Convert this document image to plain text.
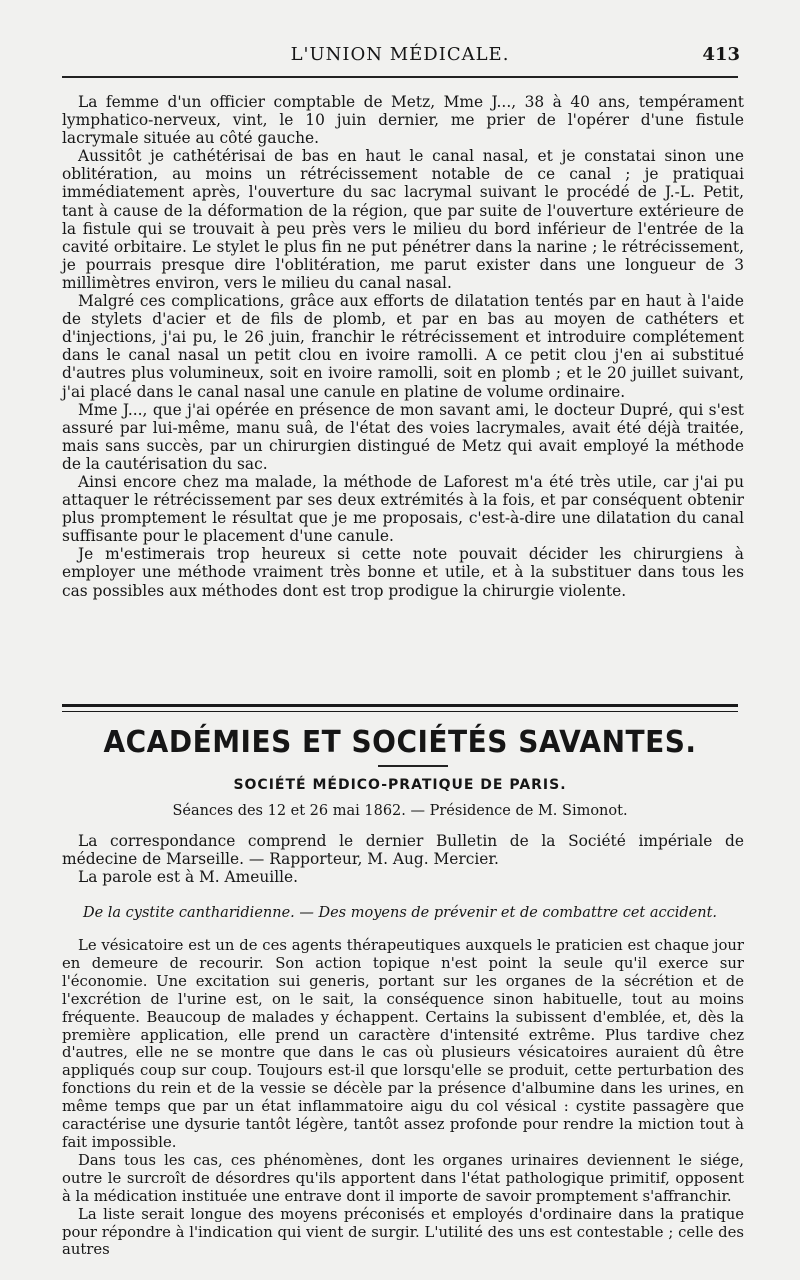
L'UNION MÉDICALE.	413

La femme d'un officier comptable de Metz, Mme J..., 38 à 40 ans, tempérament lymphatico-nerveux, vint, le 10 juin dernier, me prier de l'opérer d'une fistule lacrymale située au côté gauche.

Aussitôt je cathétérisai de bas en haut le canal nasal, et je constatai sinon une oblitération, au moins un rétrécissement notable de ce canal ; je pratiquai immédiatement après, l'ouverture du sac lacrymal suivant le procédé de J.-L. Petit, tant à cause de la déformation de la région, que par suite de l'ouverture extérieure de la fistule qui se trouvait à peu près vers le milieu du bord inférieur de l'entrée de la cavité orbitaire. Le stylet le plus fin ne put pénétrer dans la narine ; le rétrécissement, je pourrais presque dire l'oblitération, me parut exister dans une longueur de 3 millimètres environ, vers le milieu du canal nasal.

Malgré ces complications, grâce aux efforts de dilatation tentés par en haut à l'aide de stylets d'acier et de fils de plomb, et par en bas au moyen de cathéters et d'injections, j'ai pu, le 26 juin, franchir le rétrécissement et introduire complétement dans le canal nasal un petit clou en ivoire ramolli. A ce petit clou j'en ai substitué d'autres plus volumineux, soit en ivoire ramolli, soit en plomb ; et le 20 juillet suivant, j'ai placé dans le canal nasal une canule en platine de volume ordinaire.

Mme J..., que j'ai opérée en présence de mon savant ami, le docteur Dupré, qui s'est assuré par lui-même, manu suâ, de l'état des voies lacrymales, avait été déjà traitée, mais sans succès, par un chirurgien distingué de Metz qui avait employé la méthode de la cautérisation du sac.

Ainsi encore chez ma malade, la méthode de Laforest m'a été très utile, car j'ai pu attaquer le rétrécissement par ses deux extrémités à la fois, et par conséquent obtenir plus promptement le résultat que je me proposais, c'est-à-dire une dilatation du canal suffisante pour le placement d'une canule.

Je m'estimerais trop heureux si cette note pouvait décider les chirurgiens à employer une méthode vraiment très bonne et utile, et à la substituer dans tous les cas possibles aux méthodes dont est trop prodigue la chirurgie violente.

ACADÉMIES ET SOCIÉTÉS SAVANTES.
SOCIÉTÉ MÉDICO-PRATIQUE DE PARIS.
Séances des 12 et 26 mai 1862. — Présidence de M. Simonot.

La correspondance comprend le dernier Bulletin de la Société impériale de médecine de Marseille. — Rapporteur, M. Aug. Mercier.

La parole est à M. Ameuille.

De la cystite cantharidienne. — Des moyens de prévenir et de combattre cet accident.

Le vésicatoire est un de ces agents thérapeutiques auxquels le praticien est chaque jour en demeure de recourir. Son action topique n'est point la seule qu'il exerce sur l'économie. Une excitation sui generis, portant sur les organes de la sécrétion et de l'excrétion de l'urine est, on le sait, la conséquence sinon habituelle, tout au moins fréquente. Beaucoup de malades y échappent. Certains la subissent d'emblée, et, dès la première application, elle prend un caractère d'intensité extrême. Plus tardive chez d'autres, elle ne se montre que dans le cas où plusieurs vésicatoires auraient dû être appliqués coup sur coup. Toujours est-il que lorsqu'elle se produit, cette perturbation des fonctions du rein et de la vessie se décèle par la présence d'albumine dans les urines, en même temps que par un état inflammatoire aigu du col vésical : cystite passagère que caractérise une dysurie tantôt légère, tantôt assez profonde pour rendre la miction tout à fait impossible.

Dans tous les cas, ces phénomènes, dont les organes urinaires deviennent le siége, outre le surcroît de désordres qu'ils apportent dans l'état pathologique primitif, opposent à la médication instituée une entrave dont il importe de savoir promptement s'affranchir.

La liste serait longue des moyens préconisés et employés d'ordinaire dans la pratique pour répondre à l'indication qui vient de surgir. L'utilité des uns est contestable ; celle des autres
